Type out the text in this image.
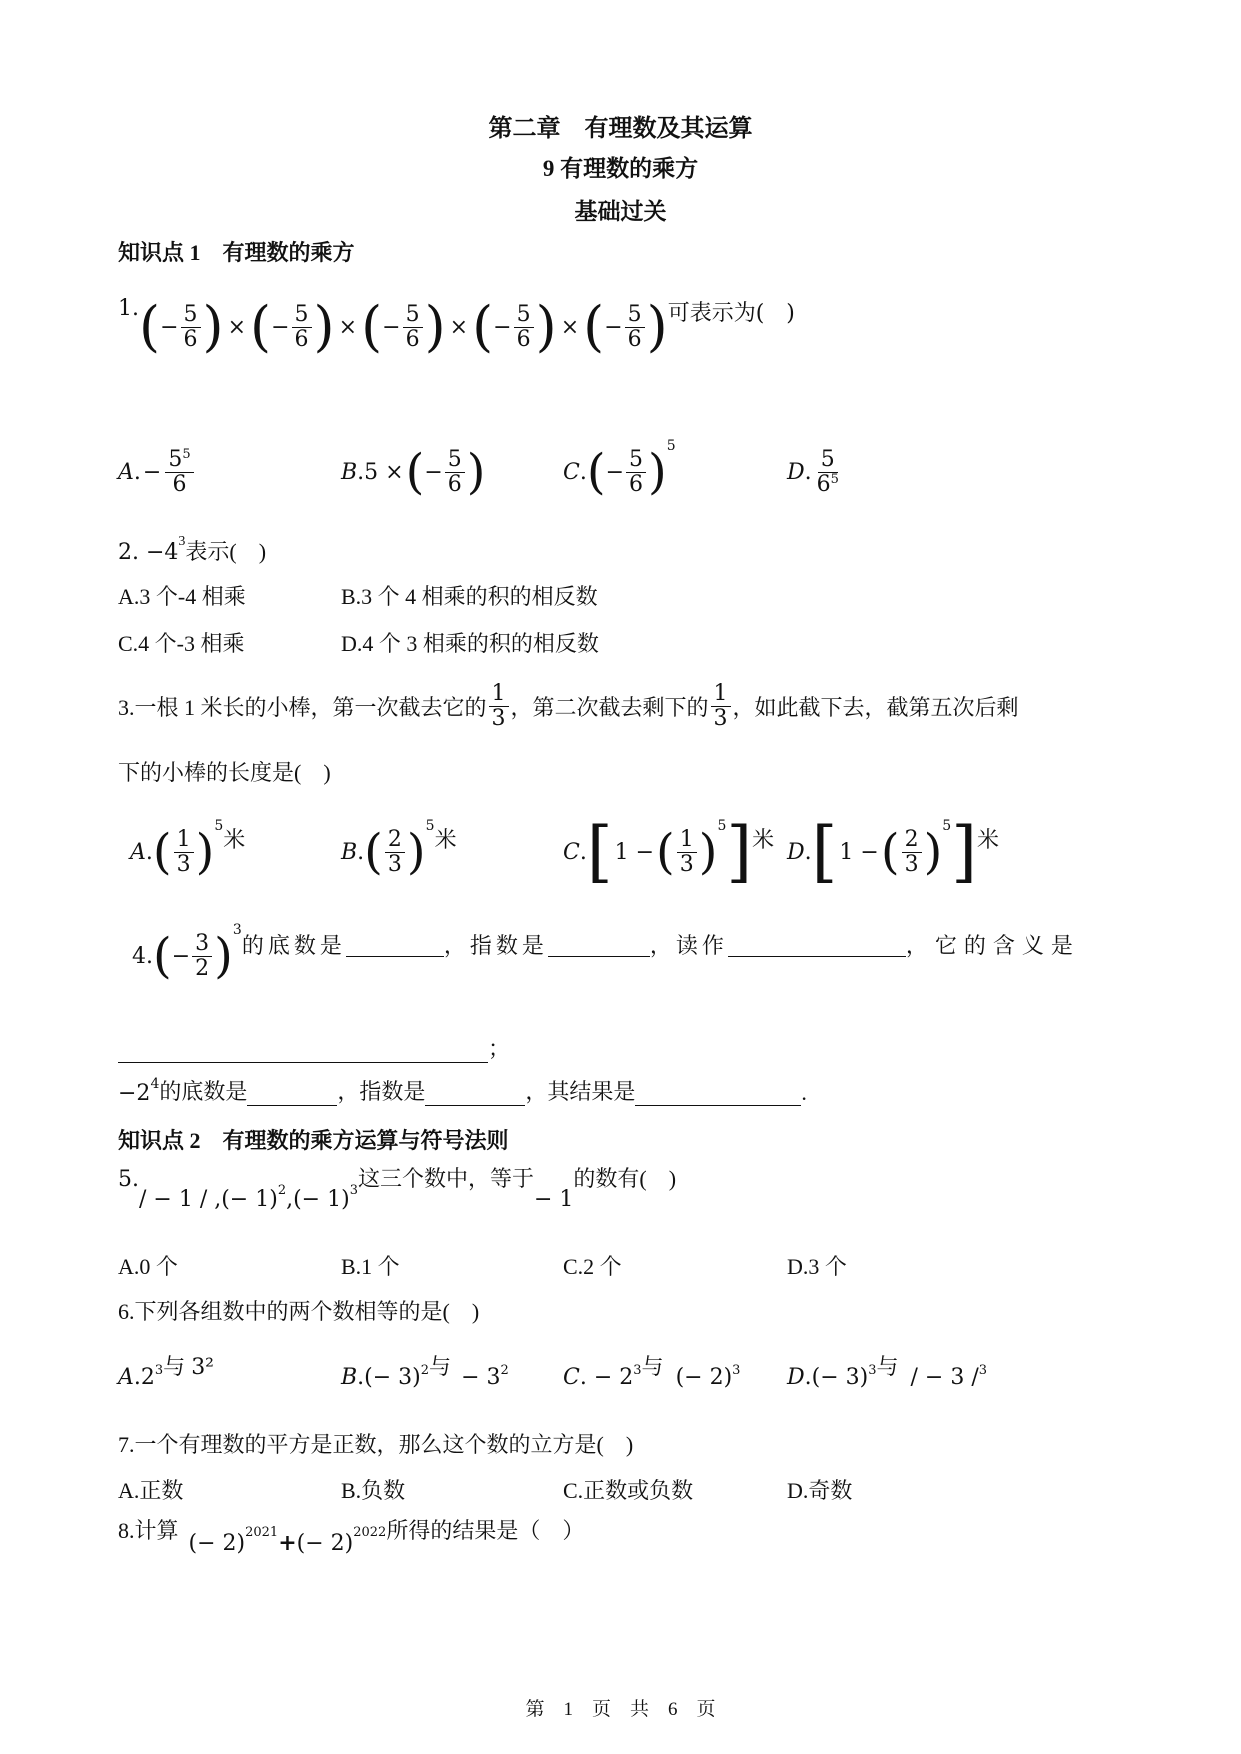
第二章　有理数及其运算
9 有理数的乘方
基础过关
知识点 1　有理数的乘方
1. ( − $\frac{5}{6}$ ) × ( − $\frac{5}{6}$ ) × ( − $\frac{5}{6}$ ) × ( − $\frac{5}{6}$ ) × ( − $\frac{5}{6}$ ) 可表示为(　)
A . − $\frac{5^5}{6}$	B .5 × ( − $\frac{5}{6}$ )	C . ( − $\frac{5}{6}$ ) 5
D . $\frac{5}{6^5}$
2. $-4^3$表示(　)
A.3 个-4 相乘	B.3 个 4 相乘的积的相反数
C.4 个-3 相乘	D.4 个 3 相乘的积的相反数
3.一根 1 米长的小棒，第一次截去它的 $\frac{1}{3}$ ，第二次截去剩下的 $\frac{1}{3}$ ，如此截下去，截第五次后剩
下的小棒的长度是(　)
A . ( $\frac{1}{3}$ ) 5
米	B . ( $\frac{2}{3}$ ) 5
米	C . [ 1 − ( $\frac{1}{3}$ ) 5 ] 米 D . [ 1 − ( $\frac{2}{3}$ ) 5 ] 米
4. ( − $\frac{3}{2}$ ) 3
的底数是	，指数是	，读作	，它的含义是
；
−2 4 的底数是	，指数是	，其结果是	.
知识点 2　有理数的乘方运算与符号法则
5./ − 1 / ,(− 1)2,(− 1)3这三个数中，等于− 1的数有(　)
A.0 个	B.1 个	C.2 个	D.3 个
6.下列各组数中的两个数相等的是(　)
A.23与 3²	B.(− 3)2与 − 32 C. − 23与 (− 2)3 D.(− 3)3与 / − 3 /3
7.一个有理数的平方是正数，那么这个数的立方是(　)
A.正数	B.负数	C.正数或负数	D.奇数
8.计算(− 2)2021+(− 2)2022所得的结果是（　）
第　1　页　共　6　页
